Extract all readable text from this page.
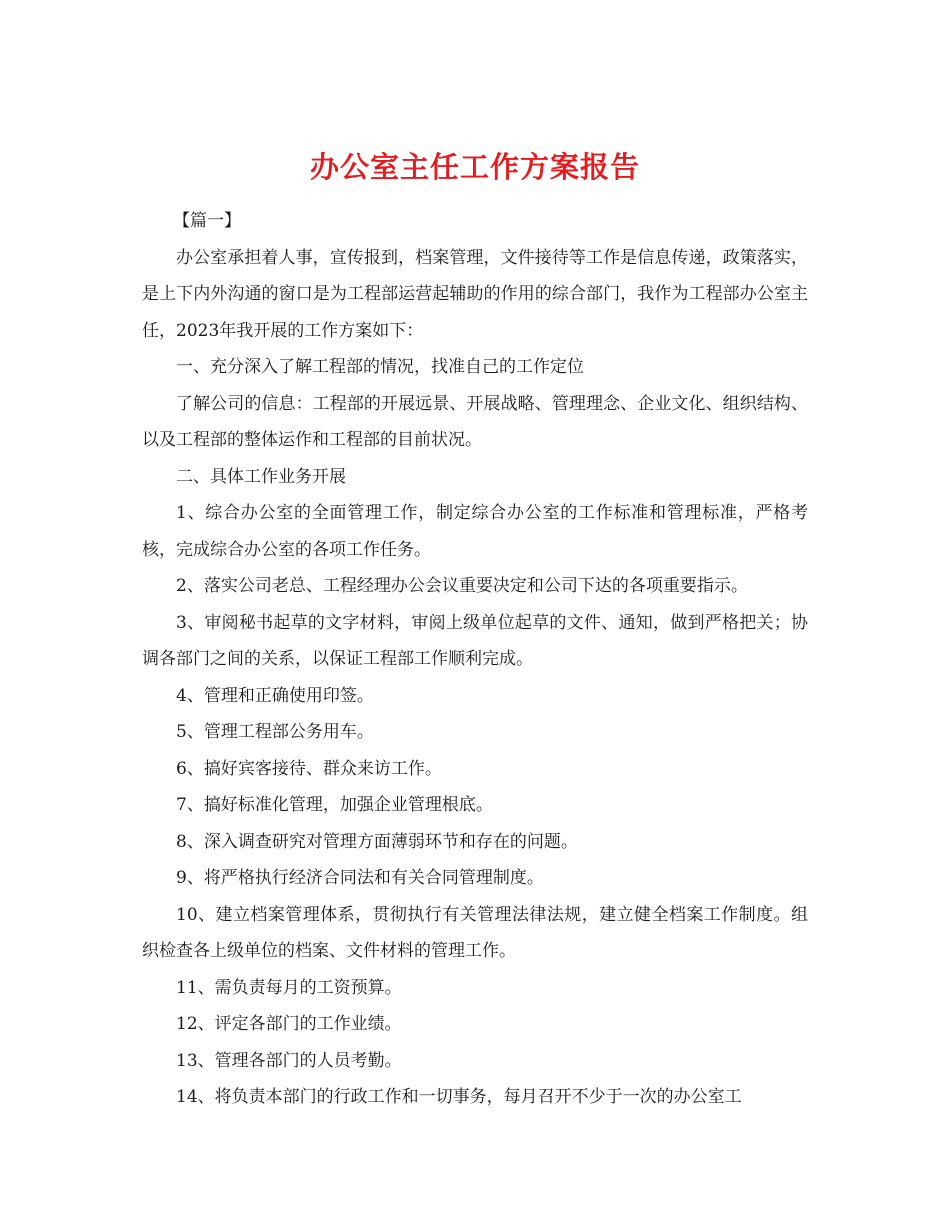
办公室主任工作方案报告

【篇一】

办公室承担着人事，宣传报到，档案管理，文件接待等工作是信息传递，政策落实，是上下内外沟通的窗口是为工程部运营起辅助的作用的综合部门，我作为工程部办公室主任，2023年我开展的工作方案如下：

一、充分深入了解工程部的情况，找准自己的工作定位

了解公司的信息：工程部的开展远景、开展战略、管理理念、企业文化、组织结构、以及工程部的整体运作和工程部的目前状况。

二、具体工作业务开展

1、综合办公室的全面管理工作，制定综合办公室的工作标准和管理标准，严格考核，完成综合办公室的各项工作任务。

2、落实公司老总、工程经理办公会议重要决定和公司下达的各项重要指示。

3、审阅秘书起草的文字材料，审阅上级单位起草的文件、通知，做到严格把关；协调各部门之间的关系，以保证工程部工作顺利完成。

4、管理和正确使用印签。

5、管理工程部公务用车。

6、搞好宾客接待、群众来访工作。

7、搞好标准化管理，加强企业管理根底。

8、深入调查研究对管理方面薄弱环节和存在的问题。

9、将严格执行经济合同法和有关合同管理制度。

10、建立档案管理体系，贯彻执行有关管理法律法规，建立健全档案工作制度。组织检查各上级单位的档案、文件材料的管理工作。

11、需负责每月的工资预算。

12、评定各部门的工作业绩。

13、管理各部门的人员考勤。

14、将负责本部门的行政工作和一切事务，每月召开不少于一次的办公室工
